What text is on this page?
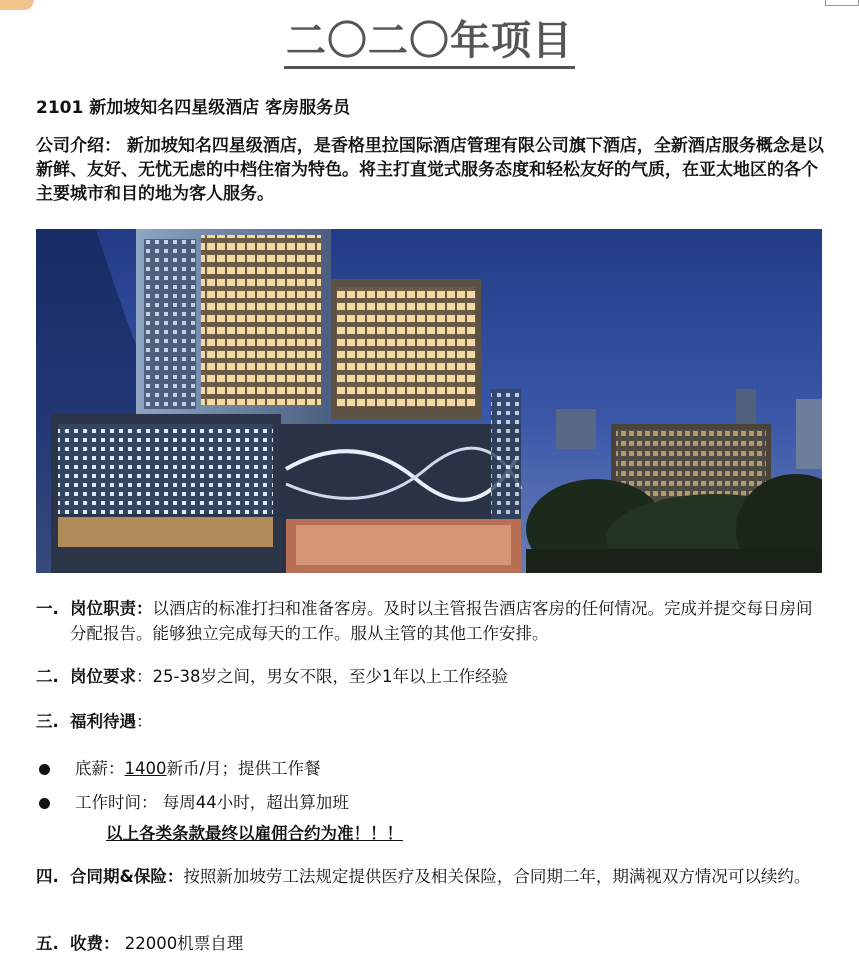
二〇二〇年项目
2101 新加坡知名四星级酒店 客房服务员
公司介绍： 新加坡知名四星级酒店，是香格里拉国际酒店管理有限公司旗下酒店，全新酒店服务概念是以新鲜、友好、无忧无虑的中档住宿为特色。将主打直觉式服务态度和轻松友好的气质，在亚太地区的各个主要城市和目的地为客人服务。
一. 岗位职责：以酒店的标准打扫和准备客房。及时以主管报告酒店客房的任何情况。完成并提交每日房间分配报告。能够独立完成每天的工作。服从主管的其他工作安排。
二. 岗位要求：25-38岁之间，男女不限，至少1年以上工作经验
三. 福利待遇：
底薪：1400新币/月；提供工作餐
工作时间： 每周44小时，超出算加班
以上各类条款最终以雇佣合约为准！！！
四. 合同期&保险：按照新加坡劳工法规定提供医疗及相关保险，合同期二年，期满视双方情况可以续约。
五. 收费： 22000机票自理
